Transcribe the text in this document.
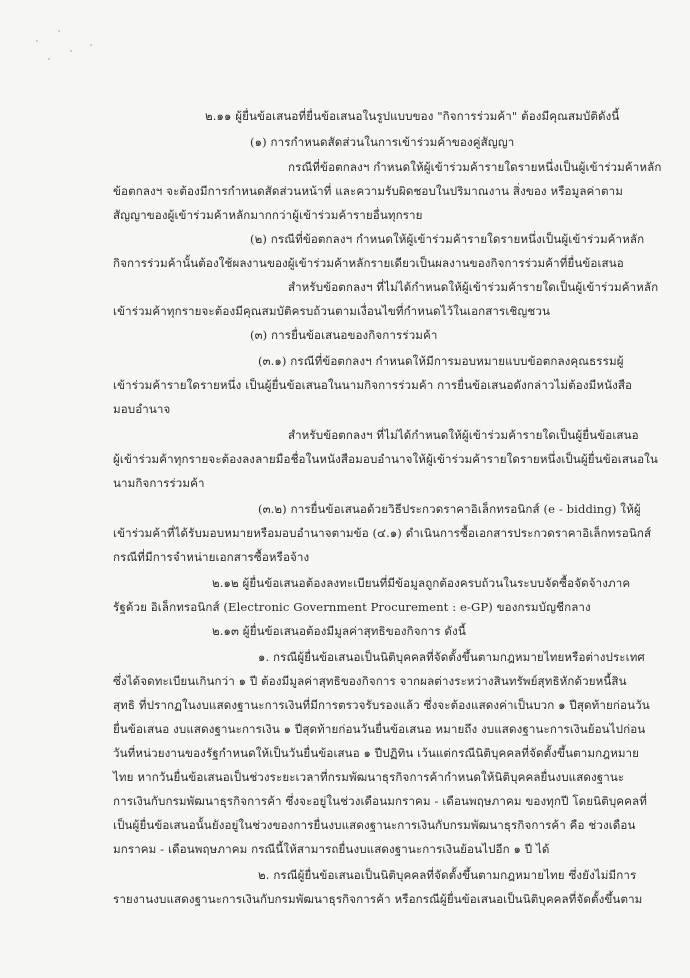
๒.๑๑ ผู้ยื่นข้อเสนอที่ยื่นข้อเสนอในรูปแบบของ "กิจการร่วมค้า" ต้องมีคุณสมบัติดังนี้
(๑) การกำหนดสัดส่วนในการเข้าร่วมค้าของคู่สัญญา
กรณีที่ข้อตกลงฯ กำหนดให้ผู้เข้าร่วมค้ารายใดรายหนึ่งเป็นผู้เข้าร่วมค้าหลัก
ข้อตกลงฯ จะต้องมีการกำหนดสัดส่วนหน้าที่ และความรับผิดชอบในปริมาณงาน สิ่งของ หรือมูลค่าตาม
สัญญาของผู้เข้าร่วมค้าหลักมากกว่าผู้เข้าร่วมค้ารายอื่นทุกราย
(๒) กรณีที่ข้อตกลงฯ กำหนดให้ผู้เข้าร่วมค้ารายใดรายหนึ่งเป็นผู้เข้าร่วมค้าหลัก
กิจการร่วมค้านั้นต้องใช้ผลงานของผู้เข้าร่วมค้าหลักรายเดียวเป็นผลงานของกิจการร่วมค้าที่ยื่นข้อเสนอ
สำหรับข้อตกลงฯ ที่ไม่ได้กำหนดให้ผู้เข้าร่วมค้ารายใดเป็นผู้เข้าร่วมค้าหลัก
เข้าร่วมค้าทุกรายจะต้องมีคุณสมบัติครบถ้วนตามเงื่อนไขที่กำหนดไว้ในเอกสารเชิญชวน
(๓) การยื่นข้อเสนอของกิจการร่วมค้า
(๓.๑) กรณีที่ข้อตกลงฯ กำหนดให้มีการมอบหมายแบบข้อตกลงคุณธรรมผู้
เข้าร่วมค้ารายใดรายหนึ่ง เป็นผู้ยื่นข้อเสนอในนามกิจการร่วมค้า การยื่นข้อเสนอดังกล่าวไม่ต้องมีหนังสือ
มอบอำนาจ
สำหรับข้อตกลงฯ ที่ไม่ได้กำหนดให้ผู้เข้าร่วมค้ารายใดเป็นผู้ยื่นข้อเสนอ
ผู้เข้าร่วมค้าทุกรายจะต้องลงลายมือชื่อในหนังสือมอบอำนาจให้ผู้เข้าร่วมค้ารายใดรายหนึ่งเป็นผู้ยื่นข้อเสนอใน
นามกิจการร่วมค้า
(๓.๒) การยื่นข้อเสนอด้วยวิธีประกวดราคาอิเล็กทรอนิกส์ (e - bidding) ให้ผู้
เข้าร่วมค้าที่ได้รับมอบหมายหรือมอบอำนาจตามข้อ (๔.๑) ดำเนินการซื้อเอกสารประกวดราคาอิเล็กทรอนิกส์
กรณีที่มีการจำหน่ายเอกสารซื้อหรือจ้าง
๒.๑๒ ผู้ยื่นข้อเสนอต้องลงทะเบียนที่มีข้อมูลถูกต้องครบถ้วนในระบบจัดซื้อจัดจ้างภาค
รัฐด้วย อิเล็กทรอนิกส์ (Electronic Government Procurement : e-GP) ของกรมบัญชีกลาง
๒.๑๓ ผู้ยื่นข้อเสนอต้องมีมูลค่าสุทธิของกิจการ ดังนี้
๑. กรณีผู้ยื่นข้อเสนอเป็นนิติบุคคลที่จัดตั้งขึ้นตามกฎหมายไทยหรือต่างประเทศ
ซึ่งได้จดทะเบียนเกินกว่า ๑ ปี ต้องมีมูลค่าสุทธิของกิจการ จากผลต่างระหว่างสินทรัพย์สุทธิหักด้วยหนี้สิน
สุทธิ ที่ปรากฏในงบแสดงฐานะการเงินที่มีการตรวจรับรองแล้ว ซึ่งจะต้องแสดงค่าเป็นบวก ๑ ปีสุดท้ายก่อนวัน
ยื่นข้อเสนอ งบแสดงฐานะการเงิน ๑ ปีสุดท้ายก่อนวันยื่นข้อเสนอ หมายถึง งบแสดงฐานะการเงินย้อนไปก่อน
วันที่หน่วยงานของรัฐกำหนดให้เป็นวันยื่นข้อเสนอ ๑ ปีปฏิทิน เว้นแต่กรณีนิติบุคคลที่จัดตั้งขึ้นตามกฎหมาย
ไทย หากวันยื่นข้อเสนอเป็นช่วงระยะเวลาที่กรมพัฒนาธุรกิจการค้ากำหนดให้นิติบุคคลยื่นงบแสดงฐานะ
การเงินกับกรมพัฒนาธุรกิจการค้า ซึ่งจะอยู่ในช่วงเดือนมกราคม - เดือนพฤษภาคม ของทุกปี โดยนิติบุคคลที่
เป็นผู้ยื่นข้อเสนอนั้นยังอยู่ในช่วงของการยื่นงบแสดงฐานะการเงินกับกรมพัฒนาธุรกิจการค้า คือ ช่วงเดือน
มกราคม - เดือนพฤษภาคม กรณีนี้ให้สามารถยื่นงบแสดงฐานะการเงินย้อนไปอีก ๑ ปี ได้
๒. กรณีผู้ยื่นข้อเสนอเป็นนิติบุคคลที่จัดตั้งขึ้นตามกฎหมายไทย ซึ่งยังไม่มีการ
รายงานงบแสดงฐานะการเงินกับกรมพัฒนาธุรกิจการค้า หรือกรณีผู้ยื่นข้อเสนอเป็นนิติบุคคลที่จัดตั้งขึ้นตาม
